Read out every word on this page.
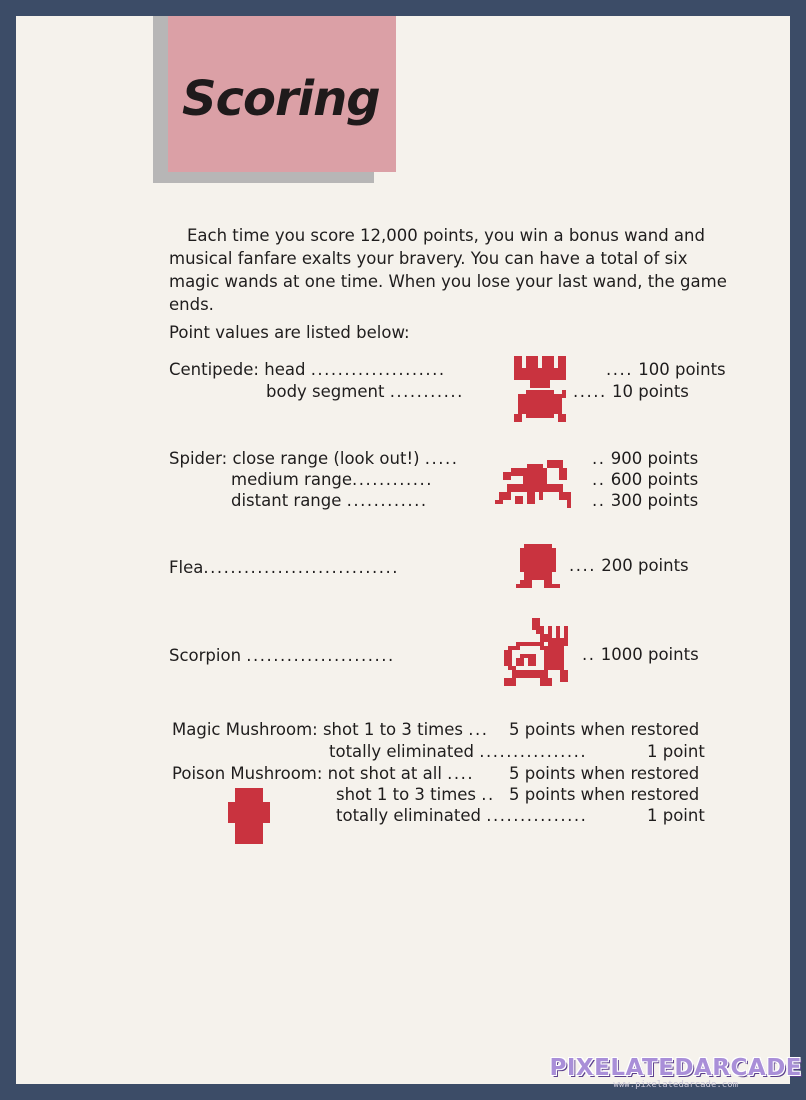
Scoring

Each time you score 12,000 points, you win a bonus wand and musical fanfare exalts your bravery. You can have a total of six magic wands at one time. When you lose your last wand, the game ends.

Point values are listed below:
Centipede: head ....................	.... 100 points
body segment ...........	..... 10 points
Spider: close range (look out!) .....	.. 900 points
medium range............	.. 600 points
distant range ............	.. 300 points
Flea.............................	.... 200 points
Scorpion ......................	.. 1000 points
Magic Mushroom: shot 1 to 3 times ... 5 points when restored
totally eliminated ................	1 point
Poison Mushroom: not shot at all .... 5 points when restored
shot 1 to 3 times .. 5 points when restored
totally eliminated ...............	1 point
PIXELATEDARCADE
www.pixelatedarcade.com
